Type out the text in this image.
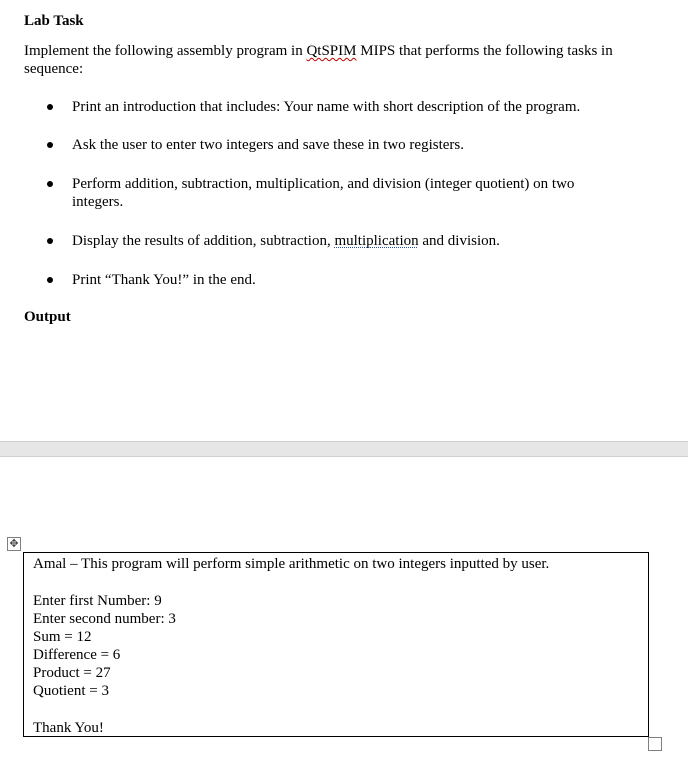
Lab Task
Implement the following assembly program in QtSPIM MIPS that performs the following tasks in sequence:
Print an introduction that includes: Your name with short description of the program.
Ask the user to enter two integers and save these in two registers.
Perform addition, subtraction, multiplication, and division (integer quotient) on two integers.
Display the results of addition, subtraction, multiplication and division.
Print “Thank You!” in the end.
Output
✥
Amal – This program will perform simple arithmetic on two integers inputted by user.
Enter first Number: 9
Enter second number: 3
Sum = 12
Difference = 6
Product = 27
Quotient = 3
Thank You!
